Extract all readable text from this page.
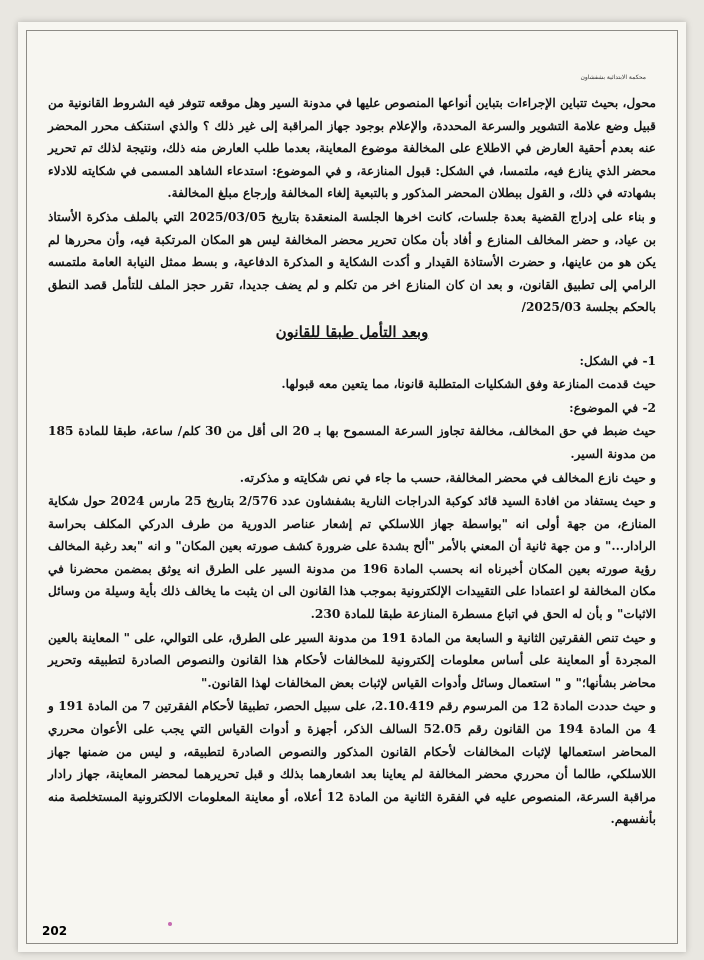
محكمة الابتدائية بشفشاون

محول، بحيث تتباين الإجراءات بتباين أنواعها المنصوص عليها في مدونة السير وهل موقعه تتوفر فيه الشروط القانونية من قبيل وضع علامة التشوير والسرعة المحددة، والإعلام بوجود جهاز المراقبة إلى غير ذلك ؟ والذي استنكف محرر المحضر عنه بعدم أحقية العارض في الاطلاع على المخالفة موضوع المعاينة، بعدما طلب العارض منه ذلك، ونتيجة لذلك تم تحرير محضر الذي ينازع فيه، ملتمسا، في الشكل: قبول المنازعة، و في الموضوع: استدعاء الشاهد المسمى في شكايته للادلاء بشهادته في ذلك، و القول ببطلان المحضر المذكور و بالتبعية إلغاء المخالفة وإرجاع مبلغ المخالفة.

و بناء على إدراج القضية بعدة جلسات، كانت اخرها الجلسة المنعقدة بتاريخ 2025/03/05 التي بالملف مذكرة الأستاذ بن عياد، و حضر المخالف المنازع و أفاد بأن مكان تحرير محضر المخالفة ليس هو المكان المرتكبة فيه، وأن محررها لم يكن هو من عاينها، و حضرت الأستاذة القيدار و أكدت الشكاية و المذكرة الدفاعية، و بسط ممثل النيابة العامة ملتمسه الرامي إلى تطبيق القانون، و بعد ان كان المنازع اخر من تكلم و لم يضف جديدا، تقرر حجز الملف للتأمل قصد النطق بالحكم بجلسة 2025/03/

وبعد التأمل طبقا للقانون

1- في الشكل:

حيث قدمت المنازعة وفق الشكليات المتطلبة قانونا، مما يتعين معه قبولها.

2- في الموضوع:

حيث ضبط في حق المخالف، مخالفة تجاوز السرعة المسموح بها بـ 20 الى أقل من 30 كلم/ ساعة، طبقا للمادة 185 من مدونة السير.

و حيث نازع المخالف في محضر المخالفة، حسب ما جاء في نص شكايته و مذكرته.

و حيث يستفاد من افادة السيد قائد كوكبة الدراجات النارية بشفشاون عدد 2/576 بتاريخ 25 مارس 2024 حول شكاية المنازع، من جهة أولى انه "بواسطة جهاز اللاسلكي تم إشعار عناصر الدورية من طرف الدركي المكلف بحراسة الرادار..." و من جهة ثانية أن المعني بالأمر "ألح بشدة على ضرورة كشف صورته بعين المكان" و انه "بعد رغبة المخالف رؤية صورته بعين المكان أخبرناه انه بحسب المادة 196 من مدونة السير على الطرق انه يوثق بمضمن محضرنا في مكان المخالفة لو اعتمادا على التقييدات الإلكترونية بموجب هذا القانون الى ان يثبت ما يخالف ذلك بأية وسيلة من وسائل الاثبات" و بأن له الحق في اتباع مسطرة المنازعة طبقا للمادة 230.

و حيث تنص الفقرتين الثانية و السابعة من المادة 191 من مدونة السير على الطرق، على التوالي، على " المعاينة بالعين المجردة أو المعاينة على أساس معلومات إلكترونية للمخالفات لأحكام هذا القانون والنصوص الصادرة لتطبيقه وتحرير محاضر بشأنها؛" و " استعمال وسائل وأدوات القياس لإثبات بعض المخالفات لهذا القانون."

و حيث حددت المادة 12 من المرسوم رقم 2.10.419، على سبيل الحصر، تطبيقا لأحكام الفقرتين 7 من المادة 191 و 4 من المادة 194 من القانون رقم 52.05 السالف الذكر، أجهزة و أدوات القياس التي يجب على الأعوان محرري المحاضر استعمالها لإثبات المخالفات لأحكام القانون المذكور والنصوص الصادرة لتطبيقه، و ليس من ضمنها جهاز اللاسلكي، طالما أن محرري محضر المخالفة لم يعاينا بعد اشعارهما بذلك و قبل تحريرهما لمحضر المعاينة، جهاز رادار مراقبة السرعة، المنصوص عليه في الفقرة الثانية من المادة 12 أعلاه، أو معاينة المعلومات الالكترونية المستخلصة منه بأنفسهم.

202
